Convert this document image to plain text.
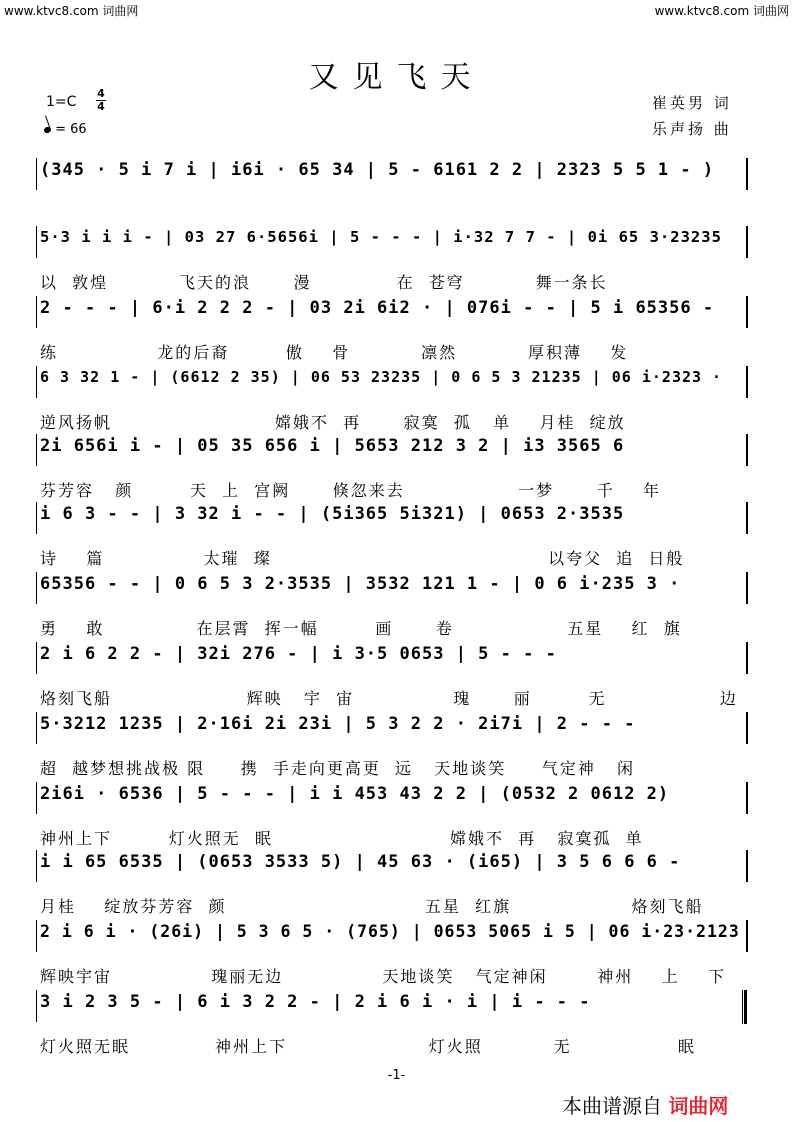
www.ktvc8.com 词曲网	www.ktvc8.com 词曲网
又见飞天
1=C
4
4
= 66
崔英男 词
乐声扬 曲
(345 · 5 i 7 i | i6i · 65 34 | 5 - 6161 2 2 | 2323 5 5 1 - )
5·3 i i i - | 03 27 6·5656i | 5 - - - | i·32 7 7 - | 0i 65 3·23235
以  敦煌          飞天的浪      漫            在  苍穹          舞一条长
2 - - - | 6·i 2 2 2 - | 03 2i 6i2 · | 076i - - | 5 i 65356 -
练              龙的后裔        傲    骨          凛然          厚积薄    发
6 3 32 1 - | (6612 2 35) | 06 53 23235 | 0 6 5 3 21235 | 06 i·2323 ·
逆风扬帆                       嫦娥不  再      寂寞  孤   单    月桂  绽放
2i 656i i - | 05 35 656 i | 5653 212 3 2 | i3 3565 6
芬芳容   颜        天  上  宫阙      倏忽来去                一梦      千    年
i 6 3 - - | 3 32 i - - | (5i365 5i321) | 0653 2·3535
诗    篇              太璀  璨                                       以夸父  追  日般
65356 - - | 0 6 5 3 2·3535 | 3532 121 1 - | 0 6 i·235 3 ·
勇    敢             在层霄  挥一幅        画      卷                五星    红  旗
2 i 6 2 2 - | 32i 276 - | i 3·5 0653 | 5 - - -
烙刻飞船                   辉映   宇  宙              瑰      丽        无                边
5·3212 1235 | 2·16i 2i 23i | 5 3 2 2 · 2i7i | 2 - - -
超  越梦想挑战极 限     携  手走向更高更  远   天地谈笑     气定神   闲
2i6i · 6536 | 5 - - - | i i 453 43 2 2 | (0532 2 0612 2)
神州上下        灯火照无  眠                         嫦娥不  再   寂寞孤  单
i i 65 6535 | (0653 3533 5) | 45 63 · (i65) | 3 5 6 6 6 -
月桂    绽放芬芳容  颜                            五星  红旗                 烙刻飞船
2 i 6 i · (26i) | 5 3 6 5 · (765) | 0653 5065 i 5 | 06 i·23·2123
辉映宇宙              瑰丽无边              天地谈笑   气定神闲       神州    上    下
3 i 2 3 5 - | 6 i 3 2 2 - | 2 i 6 i · i | i - - -
灯火照无眠            神州上下                    灯火照          无               眠
-1-
本曲谱源自 词曲网
